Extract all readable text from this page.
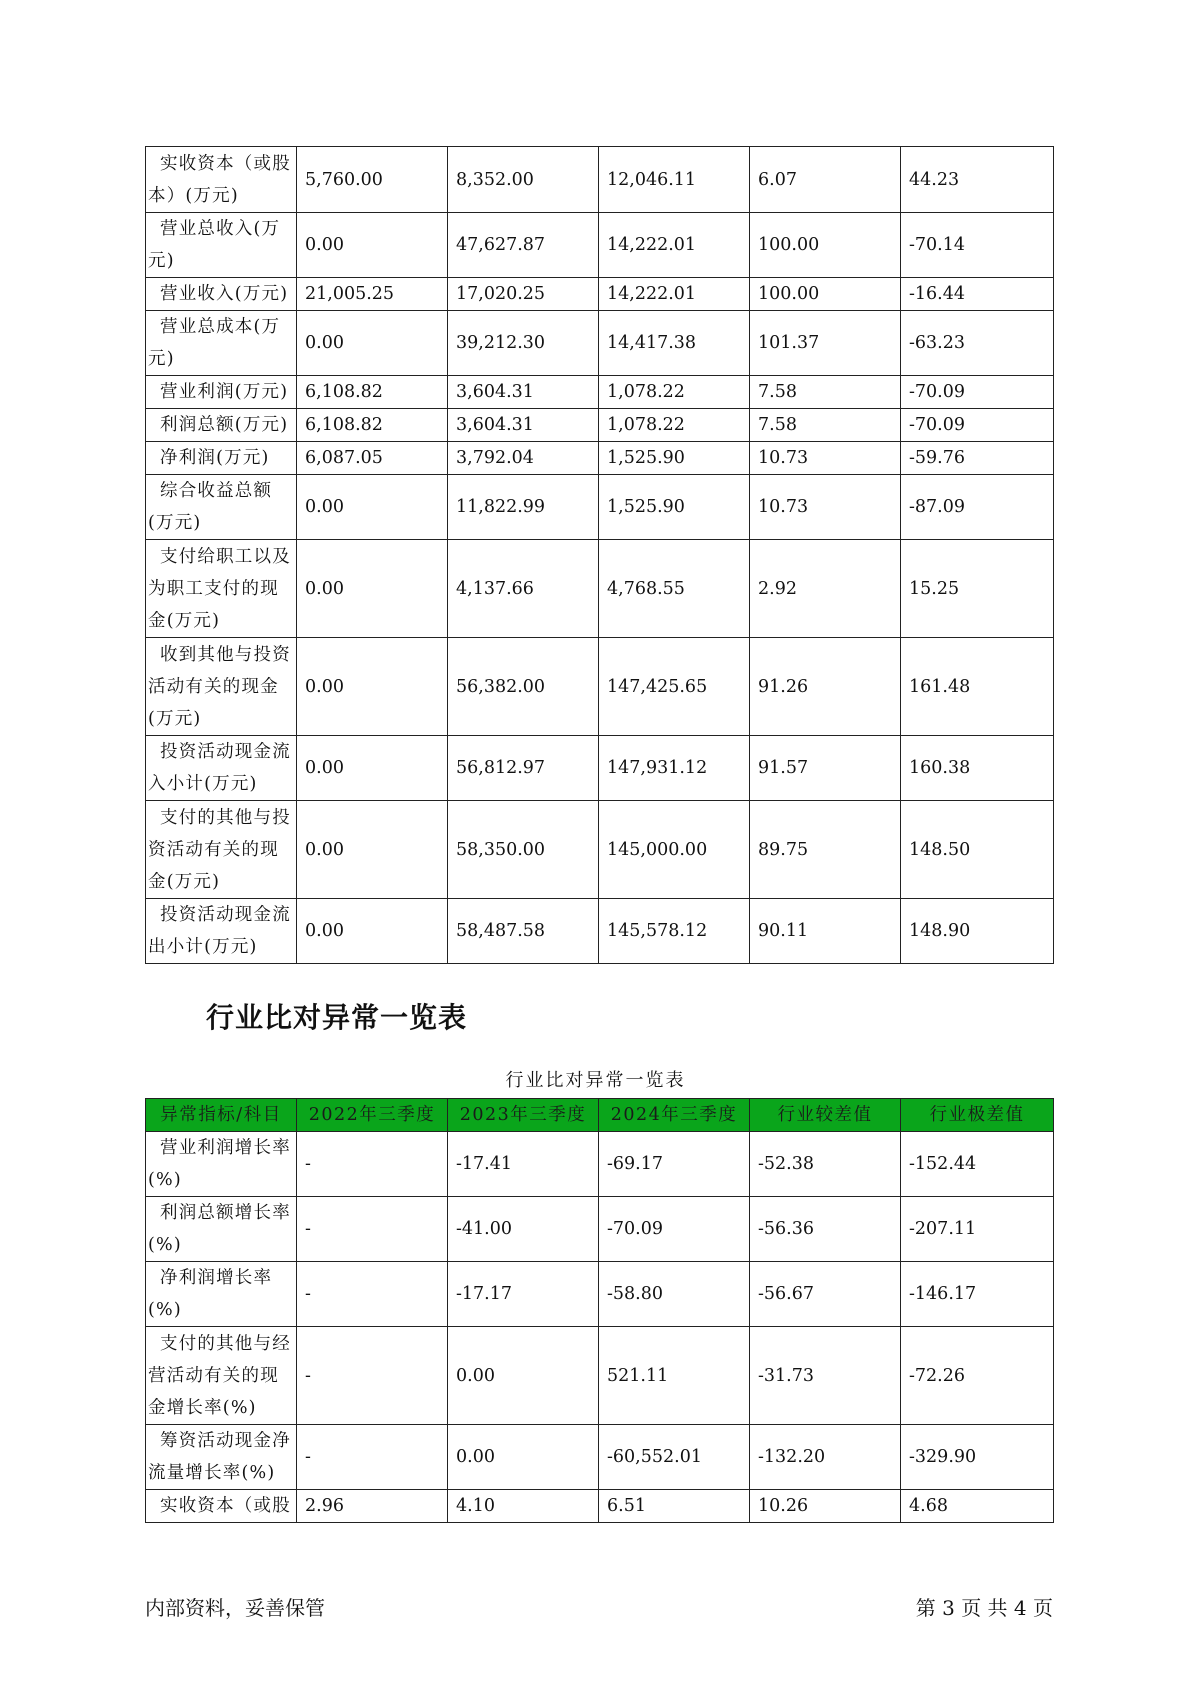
实收资本（或股本）(万元)	5,760.00	8,352.00	12,046.11	6.07	44.23
营业总收入(万元)	0.00	47,627.87	14,222.01	100.00	-70.14
营业收入(万元)	21,005.25	17,020.25	14,222.01	100.00	-16.44
营业总成本(万元)	0.00	39,212.30	14,417.38	101.37	-63.23
营业利润(万元)	6,108.82	3,604.31	1,078.22	7.58	-70.09
利润总额(万元)	6,108.82	3,604.31	1,078.22	7.58	-70.09
净利润(万元)	6,087.05	3,792.04	1,525.90	10.73	-59.76
综合收益总额(万元)	0.00	11,822.99	1,525.90	10.73	-87.09
支付给职工以及为职工支付的现金(万元)	0.00	4,137.66	4,768.55	2.92	15.25
收到其他与投资活动有关的现金(万元)	0.00	56,382.00	147,425.65	91.26	161.48
投资活动现金流入小计(万元)	0.00	56,812.97	147,931.12	91.57	160.38
支付的其他与投资活动有关的现金(万元)	0.00	58,350.00	145,000.00	89.75	148.50
投资活动现金流出小计(万元)	0.00	58,487.58	145,578.12	90.11	148.90
行业比对异常一览表
行业比对异常一览表
异常指标/科目	2022年三季度	2023年三季度	2024年三季度	行业较差值	行业极差值
营业利润增长率(%)	-	-17.41	-69.17	-52.38	-152.44
利润总额增长率(%)	-	-41.00	-70.09	-56.36	-207.11
净利润增长率(%)	-	-17.17	-58.80	-56.67	-146.17
支付的其他与经营活动有关的现金增长率(%)	-	0.00	521.11	-31.73	-72.26
筹资活动现金净流量增长率(%)	-	0.00	-60,552.01	-132.20	-329.90
实收资本（或股	2.96	4.10	6.51	10.26	4.68
内部资料，妥善保管	第 3 页 共 4 页
